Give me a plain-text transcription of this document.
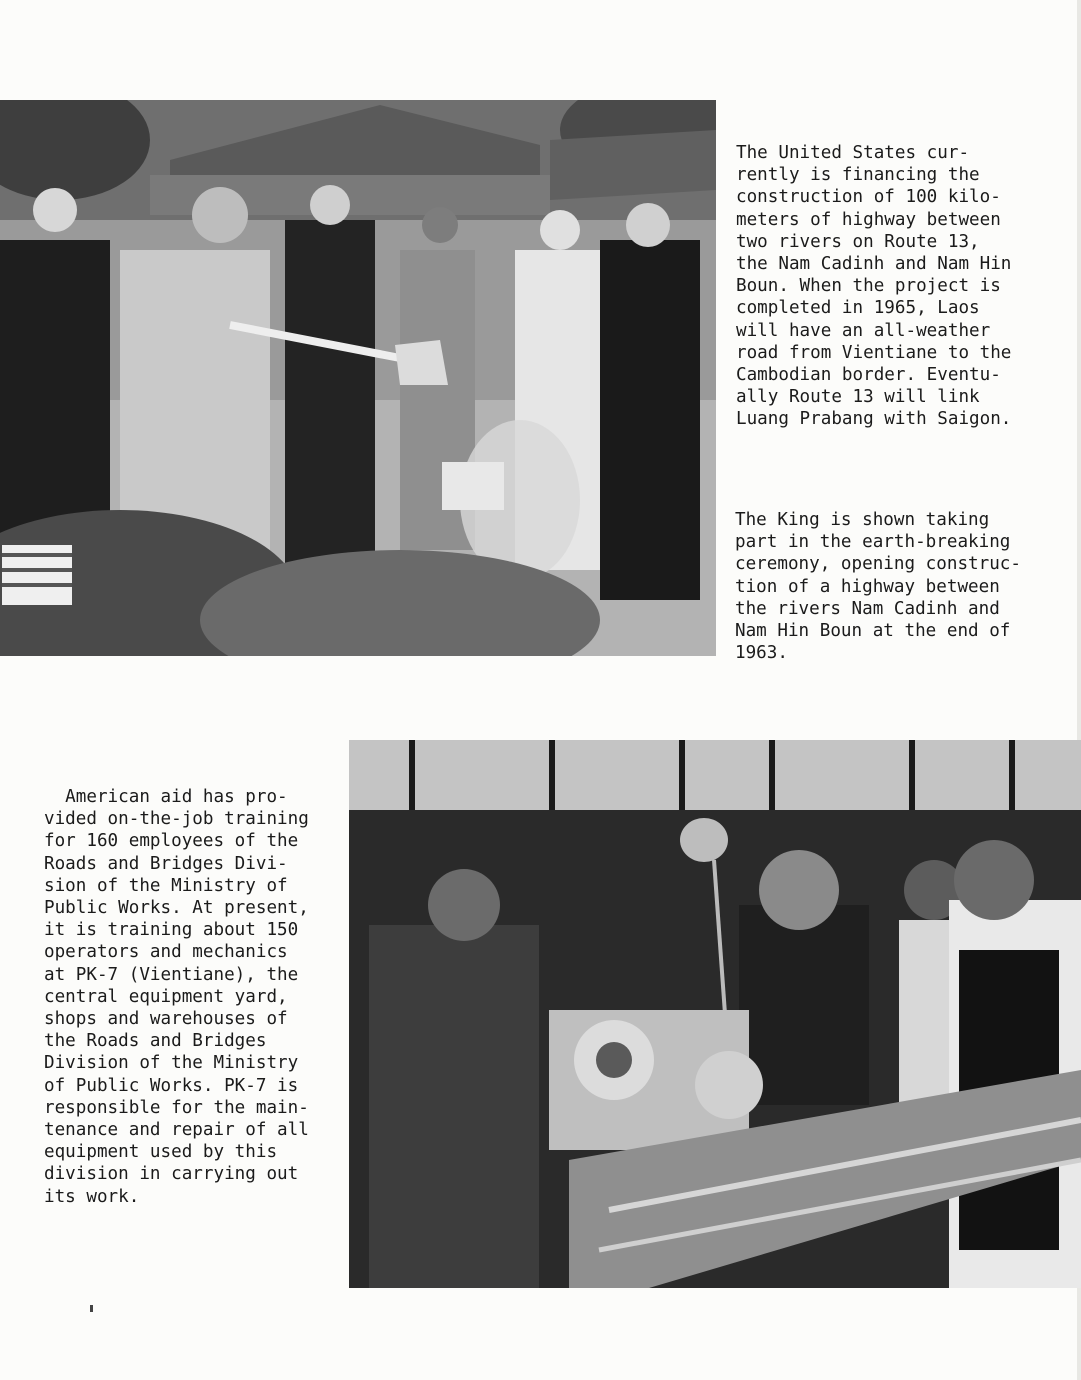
The United States cur-
rently is financing the
construction of 100 kilo-
meters of highway between
two rivers on Route 13,
the Nam Cadinh and Nam Hin
Boun. When the project is
completed in 1965, Laos
will have an all-weather
road from Vientiane to the
Cambodian border. Eventu-
ally Route 13 will link
Luang Prabang with Saigon.

The King is shown taking
part in the earth-breaking
ceremony, opening construc-
tion of a highway between
the rivers Nam Cadinh and
Nam Hin Boun at the end of
1963.

American aid has pro-
vided on-the-job training
for 160 employees of the
Roads and Bridges Divi-
sion of the Ministry of
Public Works. At present,
it is training about 150
operators and mechanics
at PK-7 (Vientiane), the
central equipment yard,
shops and warehouses of
the Roads and Bridges
Division of the Ministry
of Public Works. PK-7 is
responsible for the main-
tenance and repair of all
equipment used by this
division in carrying out
its work.
